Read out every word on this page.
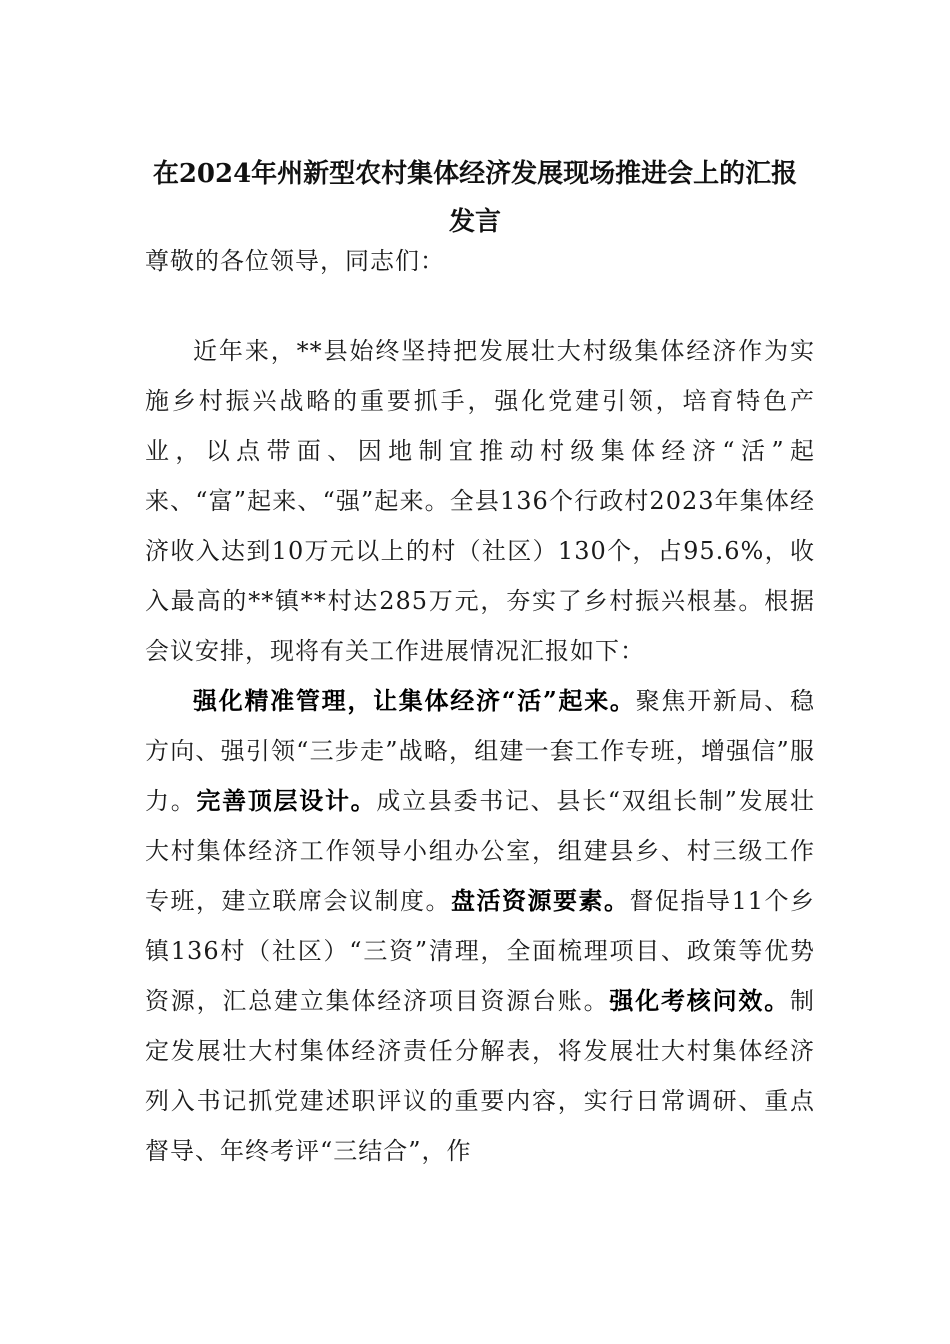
在2024年州新型农村集体经济发展现场推进会上的汇报发言
尊敬的各位领导，同志们：

近年来，**县始终坚持把发展壮大村级集体经济作为实施乡村振兴战略的重要抓手，强化党建引领，培育特色产业，以点带面、因地制宜推动村级集体经济“活”起来、“富”起来、“强”起来。全县136个行政村2023年集体经济收入达到10万元以上的村（社区）130个，占95.6%，收入最高的**镇**村达285万元，夯实了乡村振兴根基。根据会议安排，现将有关工作进展情况汇报如下：

强化精准管理，让集体经济“活”起来。聚焦开新局、稳方向、强引领“三步走”战略，组建一套工作专班，增强信”服力。完善顶层设计。成立县委书记、县长“双组长制”发展壮大村集体经济工作领导小组办公室，组建县乡、村三级工作专班，建立联席会议制度。盘活资源要素。督促指导11个乡镇136村（社区）“三资”清理，全面梳理项目、政策等优势资源，汇总建立集体经济项目资源台账。强化考核问效。制定发展壮大村集体经济责任分解表，将发展壮大村集体经济列入书记抓党建述职评议的重要内容，实行日常调研、重点督导、年终考评“三结合”，作
